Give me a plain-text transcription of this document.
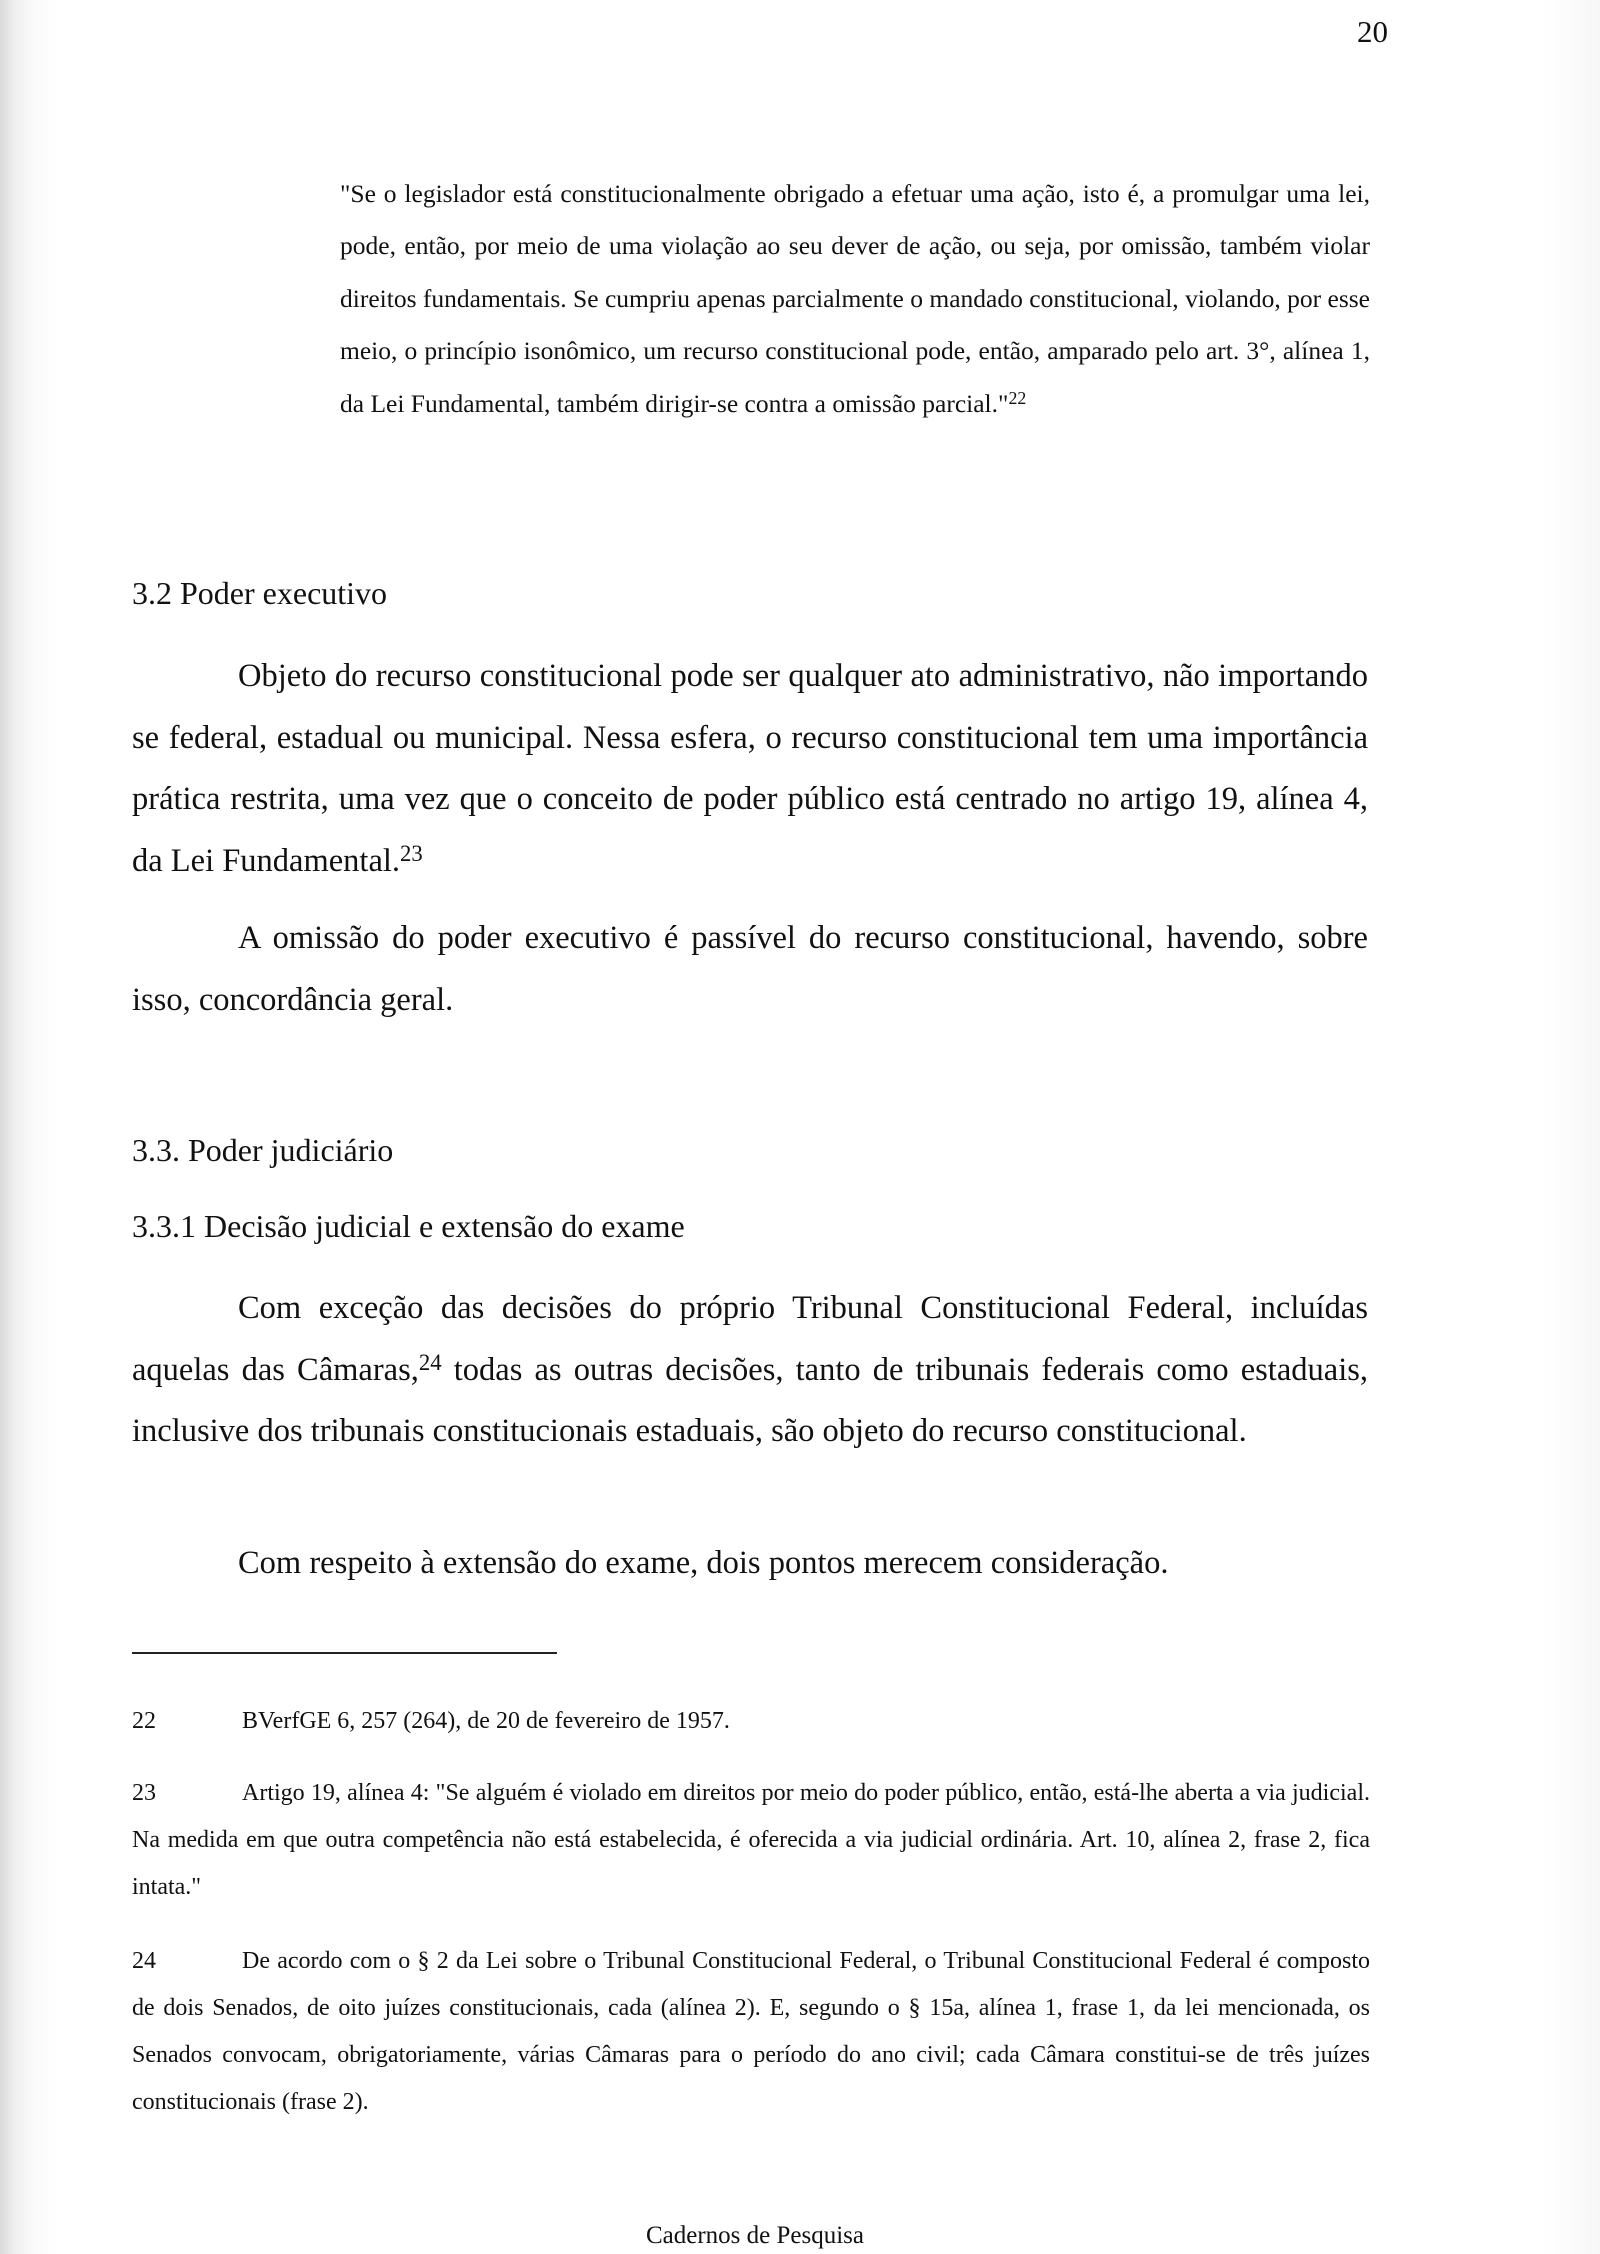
20

"Se o legislador está constitucionalmente obrigado a efetuar uma ação, isto é, a promulgar uma lei, pode, então, por meio de uma violação ao seu dever de ação, ou seja, por omissão, também violar direitos fundamentais. Se cumpriu apenas parcialmente o mandado constitucional, violando, por esse meio, o princípio isonômico, um recurso constitucional pode, então, amparado pelo art. 3°, alínea 1, da Lei Fundamental, também dirigir-se contra a omissão parcial."$^{22}$

3.2 Poder executivo

Objeto do recurso constitucional pode ser qualquer ato administrativo, não importando se federal, estadual ou municipal. Nessa esfera, o recurso constitucional tem uma importância prática restrita, uma vez que o conceito de poder público está centrado no artigo 19, alínea 4, da Lei Fundamental.$^{23}$

A omissão do poder executivo é passível do recurso constitucional, havendo, sobre isso, concordância geral.

3.3. Poder judiciário
3.3.1 Decisão judicial e extensão do exame

Com exceção das decisões do próprio Tribunal Constitucional Federal, incluídas aquelas das Câmaras,$^{24}$ todas as outras decisões, tanto de tribunais federais como estaduais, inclusive dos tribunais constitucionais estaduais, são objeto do recurso constitucional.

Com respeito à extensão do exame, dois pontos merecem consideração.

22	BVerfGE 6, 257 (264), de 20 de fevereiro de 1957.

23	Artigo 19, alínea 4: "Se alguém é violado em direitos por meio do poder público, então, está-lhe aberta a via judicial. Na medida em que outra competência não está estabelecida, é oferecida a via judicial ordinária. Art. 10, alínea 2, frase 2, fica intata."

24	De acordo com o § 2 da Lei sobre o Tribunal Constitucional Federal, o Tribunal Constitucional Federal é composto de dois Senados, de oito juízes constitucionais, cada (alínea 2). E, segundo o § 15a, alínea 1, frase 1, da lei mencionada, os Senados convocam, obrigatoriamente, várias Câmaras para o período do ano civil; cada Câmara constitui-se de três juízes constitucionais (frase 2).

Cadernos de Pesquisa
